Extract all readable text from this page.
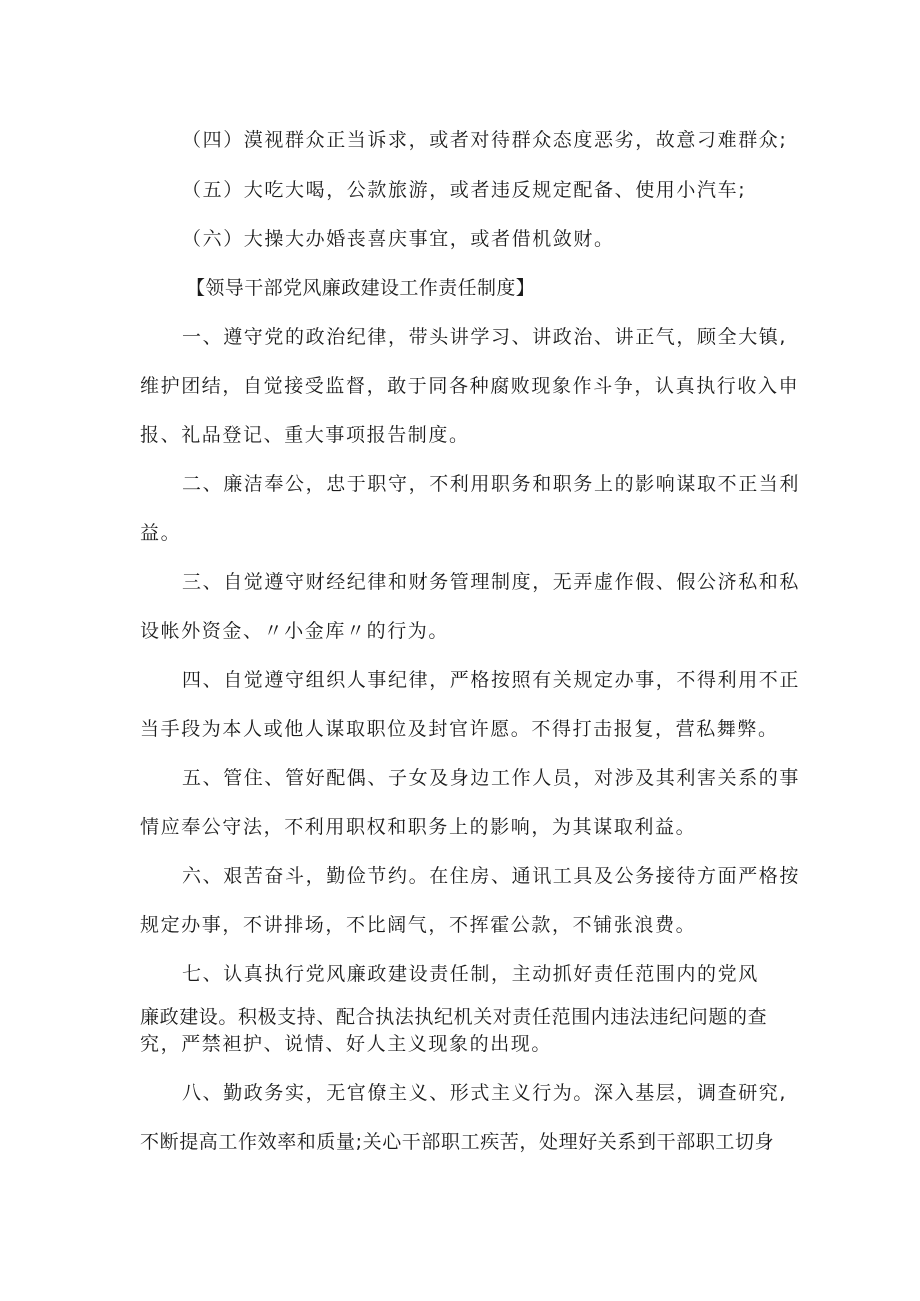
（四）漠视群众正当诉求，或者对待群众态度恶劣，故意刁难群众;
（五）大吃大喝，公款旅游，或者违反规定配备、使用小汽车;
（六）大操大办婚丧喜庆事宜，或者借机敛财。
【领导干部党风廉政建设工作责任制度】
一、遵守党的政治纪律，带头讲学习、讲政治、讲正气，顾全大镇,
维护团结，自觉接受监督，敢于同各种腐败现象作斗争，认真执行收入申
报、礼品登记、重大事项报告制度。
二、廉洁奉公，忠于职守，不利用职务和职务上的影响谋取不正当利
益。
三、自觉遵守财经纪律和财务管理制度，无弄虚作假、假公济私和私
设帐外资金、〃小金库〃的行为。
四、自觉遵守组织人事纪律，严格按照有关规定办事，不得利用不正
当手段为本人或他人谋取职位及封官许愿。不得打击报复，营私舞弊。
五、管住、管好配偶、子女及身边工作人员，对涉及其利害关系的事
情应奉公守法，不利用职权和职务上的影响，为其谋取利益。
六、艰苦奋斗，勤俭节约。在住房、通讯工具及公务接待方面严格按
规定办事，不讲排场，不比阔气，不挥霍公款，不铺张浪费。
七、认真执行党风廉政建设责任制，主动抓好责任范围内的党风
廉政建设。积极支持、配合执法执纪机关对责任范围内违法违纪问题的查
究，严禁袒护、说情、好人主义现象的出现。
八、勤政务实，无官僚主义、形式主义行为。深入基层，调查研究,
不断提高工作效率和质量;关心干部职工疾苦，处理好关系到干部职工切身
